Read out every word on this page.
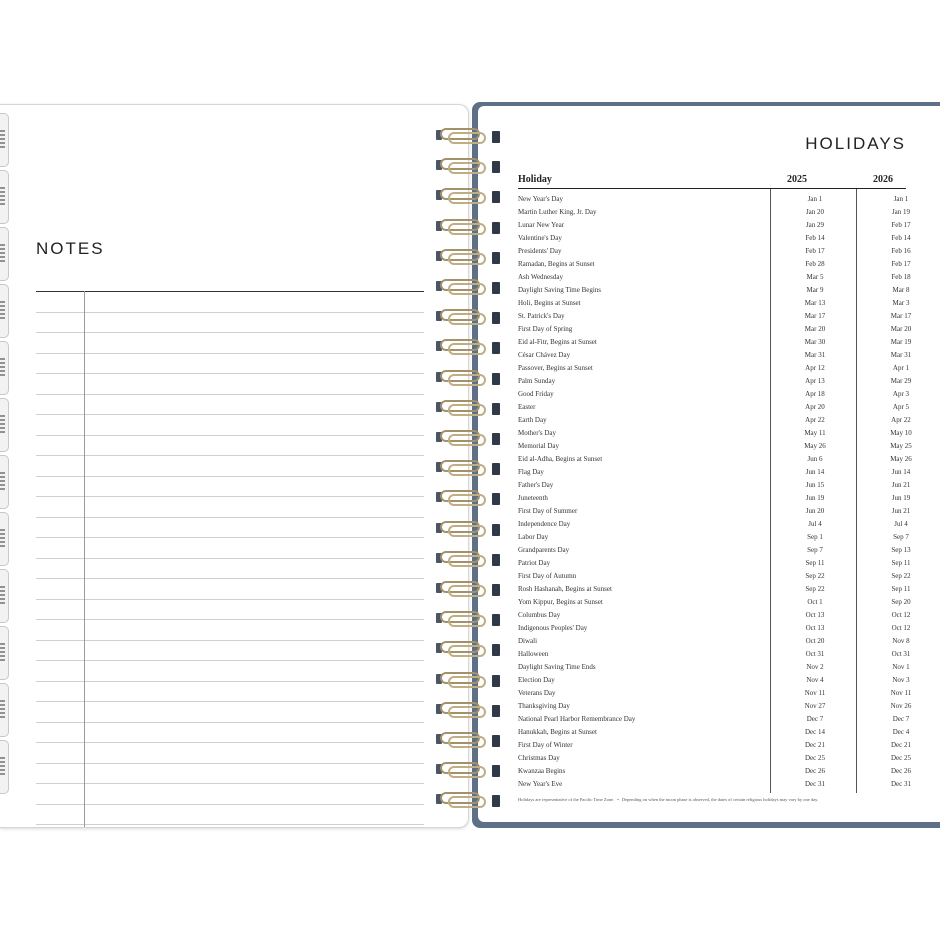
NOTES
HOLIDAYS
Holiday	2025	2026
New Year's Day	Jan 1	Jan 1
Martin Luther King, Jr. Day	Jan 20	Jan 19
Lunar New Year	Jan 29	Feb 17
Valentine's Day	Feb 14	Feb 14
Presidents' Day	Feb 17	Feb 16
Ramadan, Begins at Sunset	Feb 28	Feb 17
Ash Wednesday	Mar 5	Feb 18
Daylight Saving Time Begins	Mar 9	Mar 8
Holi, Begins at Sunset	Mar 13	Mar 3
St. Patrick's Day	Mar 17	Mar 17
First Day of Spring	Mar 20	Mar 20
Eid al-Fitr, Begins at Sunset	Mar 30	Mar 19
César Chávez Day	Mar 31	Mar 31
Passover, Begins at Sunset	Apr 12	Apr 1
Palm Sunday	Apr 13	Mar 29
Good Friday	Apr 18	Apr 3
Easter	Apr 20	Apr 5
Earth Day	Apr 22	Apr 22
Mother's Day	May 11	May 10
Memorial Day	May 26	May 25
Eid al-Adha, Begins at Sunset	Jun 6	May 26
Flag Day	Jun 14	Jun 14
Father's Day	Jun 15	Jun 21
Juneteenth	Jun 19	Jun 19
First Day of Summer	Jun 20	Jun 21
Independence Day	Jul 4	Jul 4
Labor Day	Sep 1	Sep 7
Grandparents Day	Sep 7	Sep 13
Patriot Day	Sep 11	Sep 11
First Day of Autumn	Sep 22	Sep 22
Rosh Hashanah, Begins at Sunset	Sep 22	Sep 11
Yom Kippur, Begins at Sunset	Oct 1	Sep 20
Columbus Day	Oct 13	Oct 12
Indigenous Peoples' Day	Oct 13	Oct 12
Diwali	Oct 20	Nov 8
Halloween	Oct 31	Oct 31
Daylight Saving Time Ends	Nov 2	Nov 1
Election Day	Nov 4	Nov 3
Veterans Day	Nov 11	Nov 11
Thanksgiving Day	Nov 27	Nov 26
National Pearl Harbor Remembrance Day	Dec 7	Dec 7
Hanukkah, Begins at Sunset	Dec 14	Dec 4
First Day of Winter	Dec 21	Dec 21
Christmas Day	Dec 25	Dec 25
Kwanzaa Begins	Dec 26	Dec 26
New Year's Eve	Dec 31	Dec 31
Holidays are representative of the Pacific Time Zone. • Depending on when the moon phase is observed, the dates of certain religious holidays may vary by one day.
